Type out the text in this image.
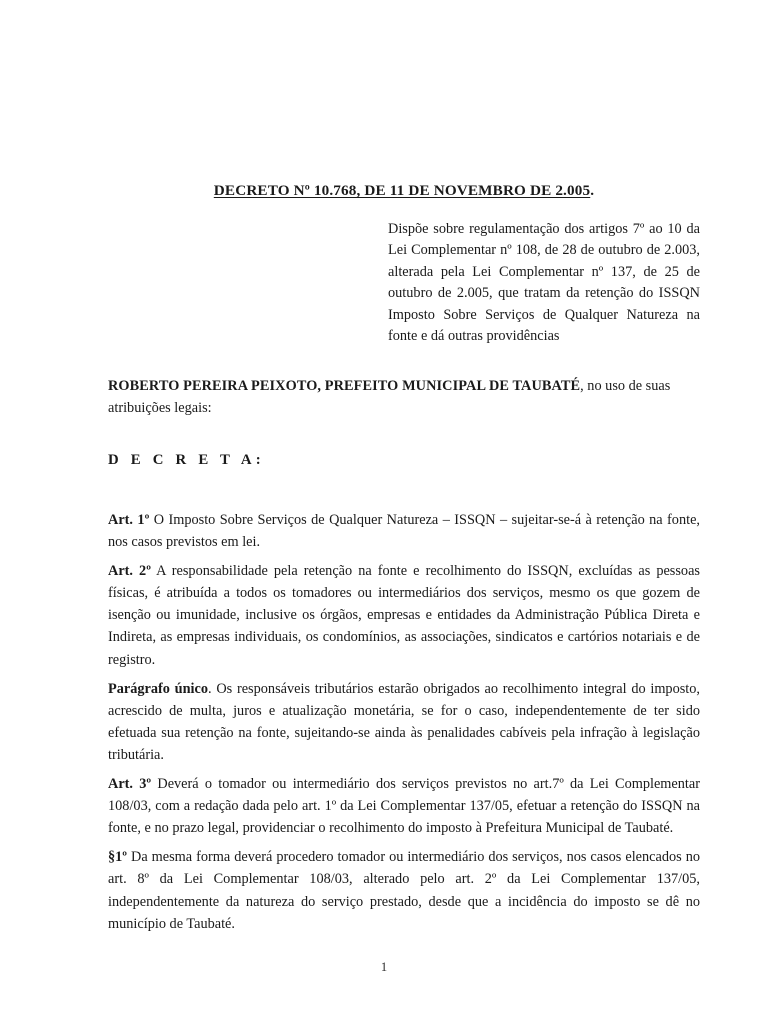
DECRETO Nº 10.768, DE 11 DE NOVEMBRO DE 2.005.

Dispõe sobre regulamentação dos artigos 7º ao 10 da Lei Complementar nº 108, de 28 de outubro de 2.003, alterada pela Lei Complementar nº 137, de 25 de outubro de 2.005, que tratam da retenção do ISSQN Imposto Sobre Serviços de Qualquer Natureza na fonte e dá outras providências

ROBERTO PEREIRA PEIXOTO, PREFEITO MUNICIPAL DE TAUBATÉ, no uso de suas atribuições legais:
D E C R E T A:

Art. 1º O Imposto Sobre Serviços de Qualquer Natureza – ISSQN – sujeitar-se-á à retenção na fonte, nos casos previstos em lei.

Art. 2º A responsabilidade pela retenção na fonte e recolhimento do ISSQN, excluídas as pessoas físicas, é atribuída a todos os tomadores ou intermediários dos serviços, mesmo os que gozem de isenção ou imunidade, inclusive os órgãos, empresas e entidades da Administração Pública Direta e Indireta, as empresas individuais, os condomínios, as associações, sindicatos e cartórios notariais e de registro.

Parágrafo único. Os responsáveis tributários estarão obrigados ao recolhimento integral do imposto, acrescido de multa, juros e atualização monetária, se for o caso, independentemente de ter sido efetuada sua retenção na fonte, sujeitando-se ainda às penalidades cabíveis pela infração à legislação tributária.

Art. 3º Deverá o tomador ou intermediário dos serviços previstos no art.7º da Lei Complementar 108/03, com a redação dada pelo art. 1º da Lei Complementar 137/05, efetuar a retenção do ISSQN na fonte, e no prazo legal, providenciar o recolhimento do imposto à Prefeitura Municipal de Taubaté.

§1º Da mesma forma deverá procedero tomador ou intermediário dos serviços, nos casos elencados no art. 8º da Lei Complementar 108/03, alterado pelo art. 2º da Lei Complementar 137/05, independentemente da natureza do serviço prestado, desde que a incidência do imposto se dê no município de Taubaté.

1
